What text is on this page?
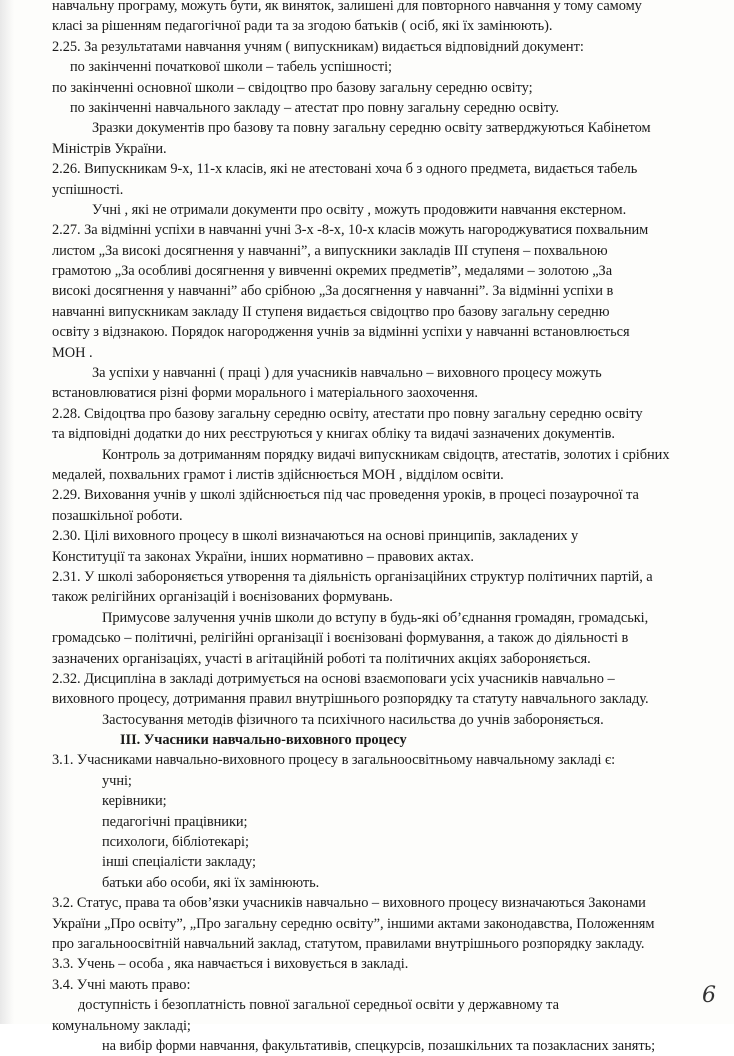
навчальну програму, можуть бути, як виняток, залишені для повторного навчання у тому самому
класі за рішенням педагогічної ради та за згодою батьків ( осіб, які їх замінюють).
2.25. За результатами навчання учням ( випускникам) видається відповідний документ:
по закінченні початкової школи – табель успішності;
по закінченні основної школи – свідоцтво про базову загальну середню освіту;
по закінченні навчального закладу – атестат про повну загальну середню освіту.
Зразки документів про базову та повну загальну середню освіту затверджуються Кабінетом
Міністрів України.
2.26. Випускникам 9-х, 11-х класів, які не атестовані хоча б з одного предмета, видається табель
успішності.
Учні , які не отримали документи про освіту , можуть продовжити навчання екстерном.
2.27. За відмінні успіхи в навчанні учні 3-х -8-х, 10-х класів можуть нагороджуватися похвальним
листом „За високі досягнення у навчанні”, а випускники закладів ІІІ ступеня – похвальною
грамотою „За особливі досягнення у вивченні окремих предметів”, медалями – золотою „За
високі досягнення у навчанні” або срібною „За досягнення у навчанні”. За відмінні успіхи в
навчанні випускникам закладу ІІ ступеня видається свідоцтво про базову загальну середню
освіту з відзнакою. Порядок нагородження учнів за відмінні успіхи у навчанні встановлюється
МОН .
За успіхи у навчанні ( праці ) для учасників навчально – виховного процесу можуть
встановлюватися різні форми морального і матеріального заохочення.
2.28. Свідоцтва про базову загальну середню освіту, атестати про повну загальну середню освіту
та відповідні додатки до них реєструються у книгах обліку та видачі зазначених документів.
Контроль за дотриманням порядку видачі випускникам свідоцтв, атестатів, золотих і срібних
медалей, похвальних грамот і листів здійснюється МОН , відділом освіти.
2.29. Виховання учнів у школі здійснюється під час проведення уроків, в процесі позаурочної та
позашкільної роботи.
2.30. Цілі виховного процесу в школі визначаються на основі принципів, закладених у
Конституції та законах України, інших нормативно – правових актах.
2.31. У школі забороняється утворення та діяльність організаційних структур політичних партій, а
також релігійних організацій і воєнізованих формувань.
Примусове залучення учнів школи до вступу в будь-які об’єднання громадян, громадські,
громадсько – політичні, релігійні організації і воєнізовані формування, а також до діяльності в
зазначених організаціях, участі в агітаційній роботі та політичних акціях забороняється.
2.32. Дисципліна в закладі дотримується на основі взаємоповаги усіх учасників навчально –
виховного процесу, дотримання правил внутрішнього розпорядку та статуту навчального закладу.
Застосування методів фізичного та психічного насильства до учнів забороняється.
ІІІ. Учасники навчально-виховного процесу
3.1. Учасниками навчально-виховного процесу в загальноосвітньому навчальному закладі є:
учні;
керівники;
педагогічні працівники;
психологи, бібліотекарі;
інші спеціалісти закладу;
батьки або особи, які їх замінюють.
3.2. Статус, права та обов’язки учасників навчально – виховного процесу визначаються Законами
України „Про освіту”, „Про загальну середню освіту”, іншими актами законодавства, Положенням
про загальноосвітній навчальний заклад, статутом, правилами внутрішнього розпорядку закладу.
3.3. Учень – особа , яка навчається і виховується в закладі.
3.4. Учні мають право:
доступність і безоплатність повної загальної середньої освіти у державному та
комунальному закладі;
на вибір форми навчання, факультативів, спецкурсів, позашкільних та позакласних занять;
6
